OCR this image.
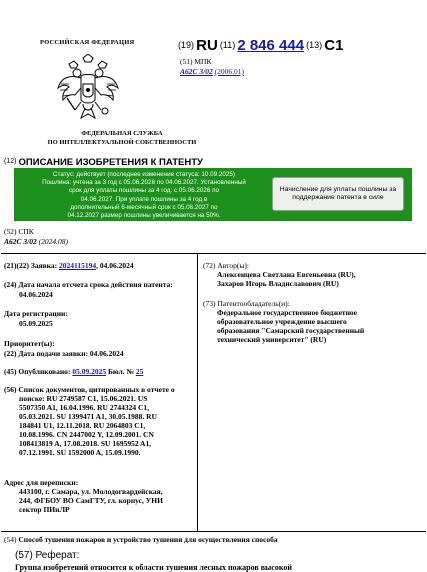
РОССИЙСКАЯ ФЕДЕРАЦИЯ
ФЕДЕРАЛЬНАЯ СЛУЖБА
ПО ИНТЕЛЛЕКТУАЛЬНОЙ СОБСТВЕННОСТИ
(19) RU (11) 2 846 444 (13) C1
(51) МПК
A62C 3/02 (2006.01)
(12) ОПИСАНИЕ ИЗОБРЕТЕНИЯ К ПАТЕНТУ
Статус: действует (последнее изменение статуса: 10.09.2025)
Пошлина: учтена за 3 год с 05.06.2026 по 04.06.2027. Установленный
срок для уплаты пошлины за 4 год: с 05.06.2026 по
04.06.2027. При уплате пошлины за 4 год в
дополнительный 6-месячный срок с 05.06.2027 по
04.12.2027 размер пошлины увеличивается на 50%.
Начисление для уплаты пошлины за поддержание патента в силе
(52) СПК
A62C 3/02 (2024.08)
(21)(22) Заявка: 2024115194, 04.06.2024
(24) Дата начала отсчета срока действия патента:
04.06.2024
Дата регистрации:
05.09.2025
Приоритет(ы):
(22) Дата подачи заявки: 04.06.2024
(45) Опубликовано: 05.09.2025 Бюл. № 25
(56) Список документов, цитированных в отчете о
поиске: RU 2749587 C1, 15.06.2021. US
5507350 A1, 16.04.1996. RU 2744324 C1,
05.03.2021. SU 1399471 A1, 30.05.1988. RU
184841 U1, 12.11.2018. RU 2064803 C1,
10.08.1996. CN 2447002 Y, 12.09.2001. CN
108413819 A, 17.08.2018. SU 1695952 A1,
07.12.1991. SU 1592000 A, 15.09.1990.
Адрес для переписки:
443100, г. Самара, ул. Молодогвардейская,
244, ФГБОУ ВО СамГТУ, гл. корпус, УНИ
сектор ПИиЛР
(72) Автор(ы):
Алексенцева Светлана Евгеньевна (RU),
Захаров Игорь Владиславович (RU)
(73) Патентообладатель(и):
Федеральное государственное бюджетное
образовательное учреждение высшего
образования "Самарский государственный
технический университет" (RU)
(54) Способ тушения пожаров и устройство тушения для осуществления способа
(57) Реферат:
Группа изобретений относится к области тушения лесных пожаров высокой
